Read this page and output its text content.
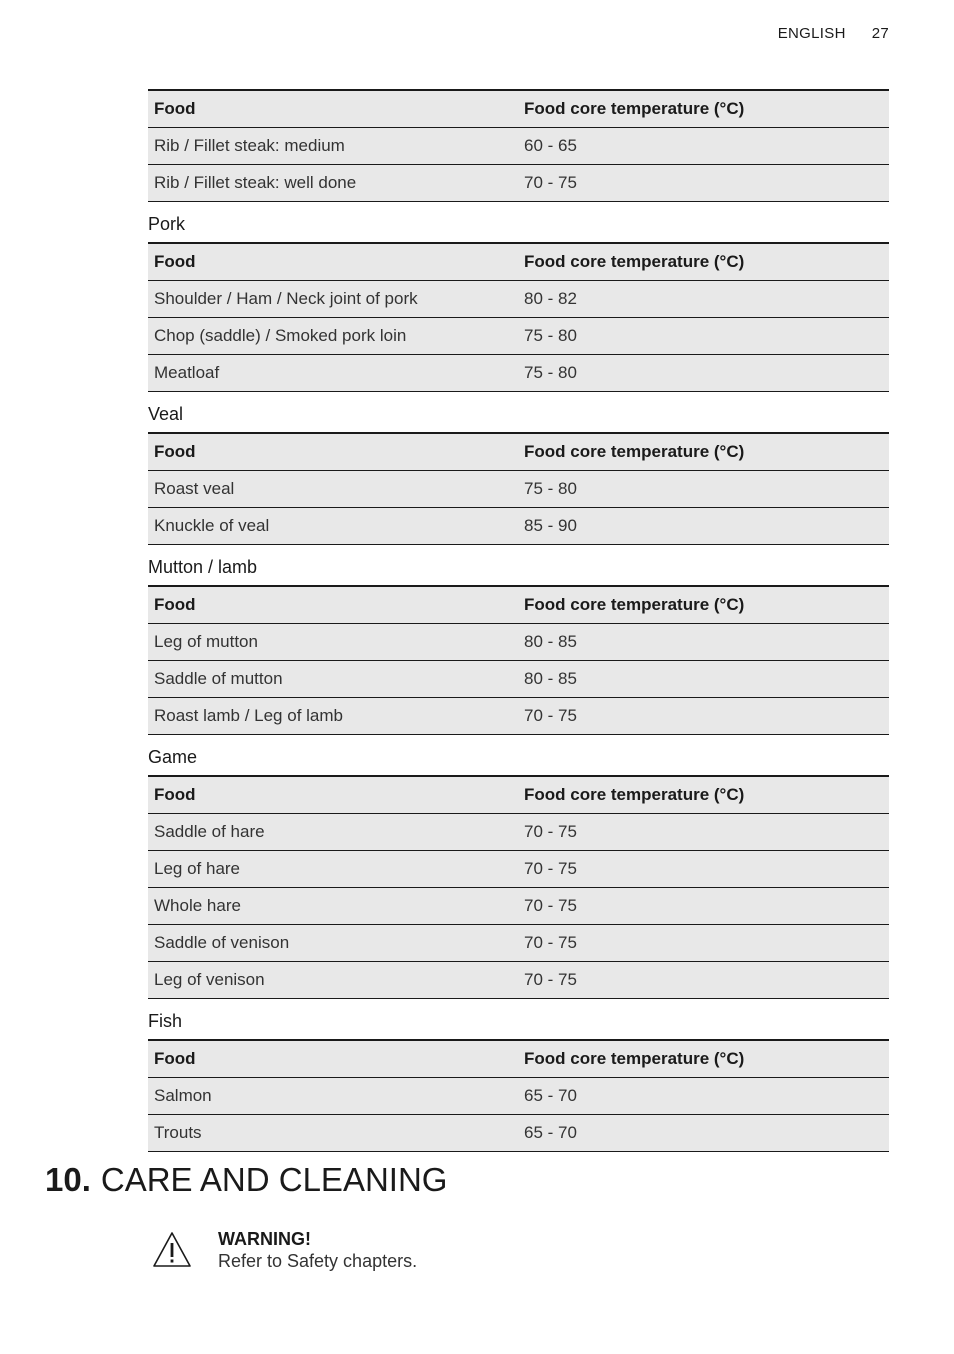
ENGLISH 27
Food	Food core temperature (°C)
Rib / Fillet steak: medium	60 - 65
Rib / Fillet steak: well done	70 - 75
Pork
Food	Food core temperature (°C)
Shoulder / Ham / Neck joint of pork	80 - 82
Chop (saddle) / Smoked pork loin	75 - 80
Meatloaf	75 - 80
Veal
Food	Food core temperature (°C)
Roast veal	75 - 80
Knuckle of veal	85 - 90
Mutton / lamb
Food	Food core temperature (°C)
Leg of mutton	80 - 85
Saddle of mutton	80 - 85
Roast lamb / Leg of lamb	70 - 75
Game
Food	Food core temperature (°C)
Saddle of hare	70 - 75
Leg of hare	70 - 75
Whole hare	70 - 75
Saddle of venison	70 - 75
Leg of venison	70 - 75
Fish
Food	Food core temperature (°C)
Salmon	65 - 70
Trouts	65 - 70
10. CARE AND CLEANING
WARNING!
Refer to Safety chapters.
